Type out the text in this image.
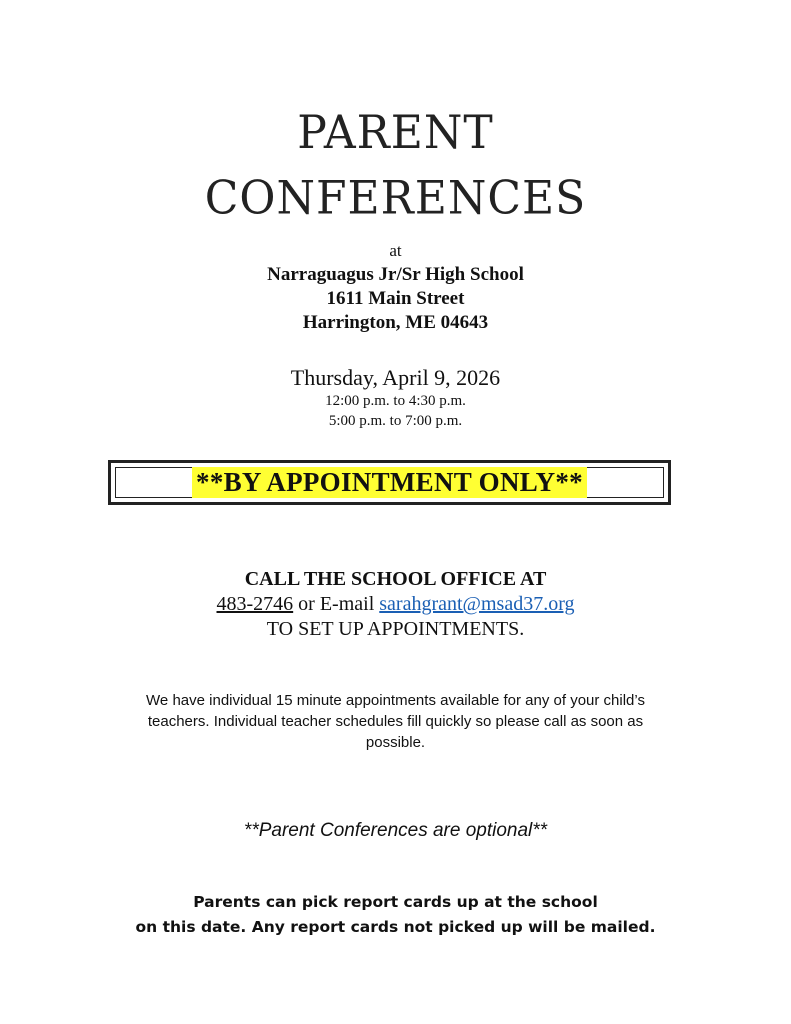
PARENT
CONFERENCES
at
Narraguagus Jr/Sr High School
1611 Main Street
Harrington, ME 04643
Thursday, April 9, 2026
12:00 p.m. to 4:30 p.m.
5:00 p.m. to 7:00 p.m.
**BY APPOINTMENT ONLY**
CALL THE SCHOOL OFFICE AT
483-2746 or E-mail sarahgrant@msad37.org
TO SET UP APPOINTMENTS.
We have individual 15 minute appointments available for any of your child’s
teachers. Individual teacher schedules fill quickly so please call as soon as
possible.
**Parent Conferences are optional**
Parents can pick report cards up at the school
on this date. Any report cards not picked up will be mailed.
